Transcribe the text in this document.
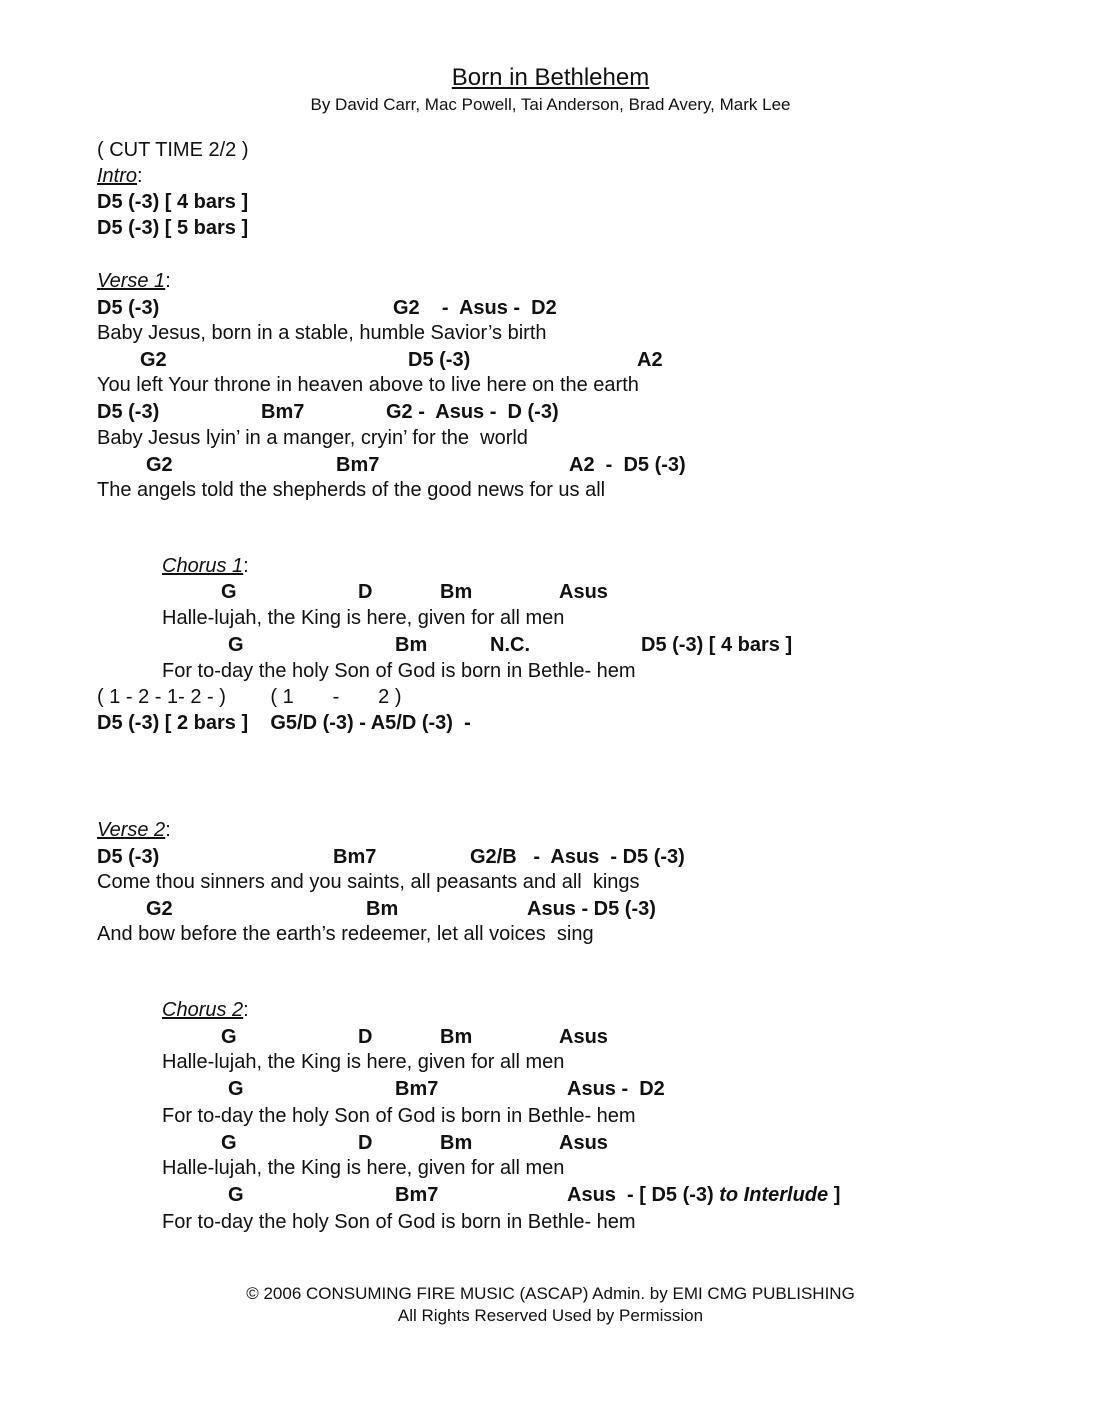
Born in Bethlehem
By David Carr, Mac Powell, Tai Anderson, Brad Avery, Mark Lee
( CUT TIME 2/2 )
Intro:
D5 (-3) [ 4 bars ]
D5 (-3) [ 5 bars ]
Verse 1:
D5 (-3)	G2    -  Asus -  D2
Baby Jesus, born in a stable, humble Savior’s birth
G2	D5 (-3)	A2
You left Your throne in heaven above to live here on the earth
D5 (-3)	Bm7	G2 -  Asus -  D (-3)
Baby Jesus lyin’ in a manger, cryin’ for the  world
G2	Bm7	A2  -  D5 (-3)
The angels told the shepherds of the good news for us all
Chorus 1:
G	D	Bm	Asus
Halle-lujah, the King is here, given for all men
G	Bm	N.C.	D5 (-3) [ 4 bars ]
For to-day the holy Son of God is born in Bethle- hem
( 1 - 2 - 1- 2 - )        ( 1       -       2 )
D5 (-3) [ 2 bars ]    G5/D (-3) - A5/D (-3)  -
Verse 2:
D5 (-3)	Bm7	G2/B   -  Asus  - D5 (-3)
Come thou sinners and you saints, all peasants and all  kings
G2	Bm	Asus - D5 (-3)
And bow before the earth’s redeemer, let all voices  sing
Chorus 2:
G	D	Bm	Asus
Halle-lujah, the King is here, given for all men
G	Bm7	Asus -  D2
For to-day the holy Son of God is born in Bethle- hem
G	D	Bm	Asus
Halle-lujah, the King is here, given for all men
G	Bm7	Asus  - [ D5 (-3) to Interlude ]
For to-day the holy Son of God is born in Bethle- hem
© 2006 CONSUMING FIRE MUSIC (ASCAP) Admin. by EMI CMG PUBLISHING
All Rights Reserved Used by Permission
